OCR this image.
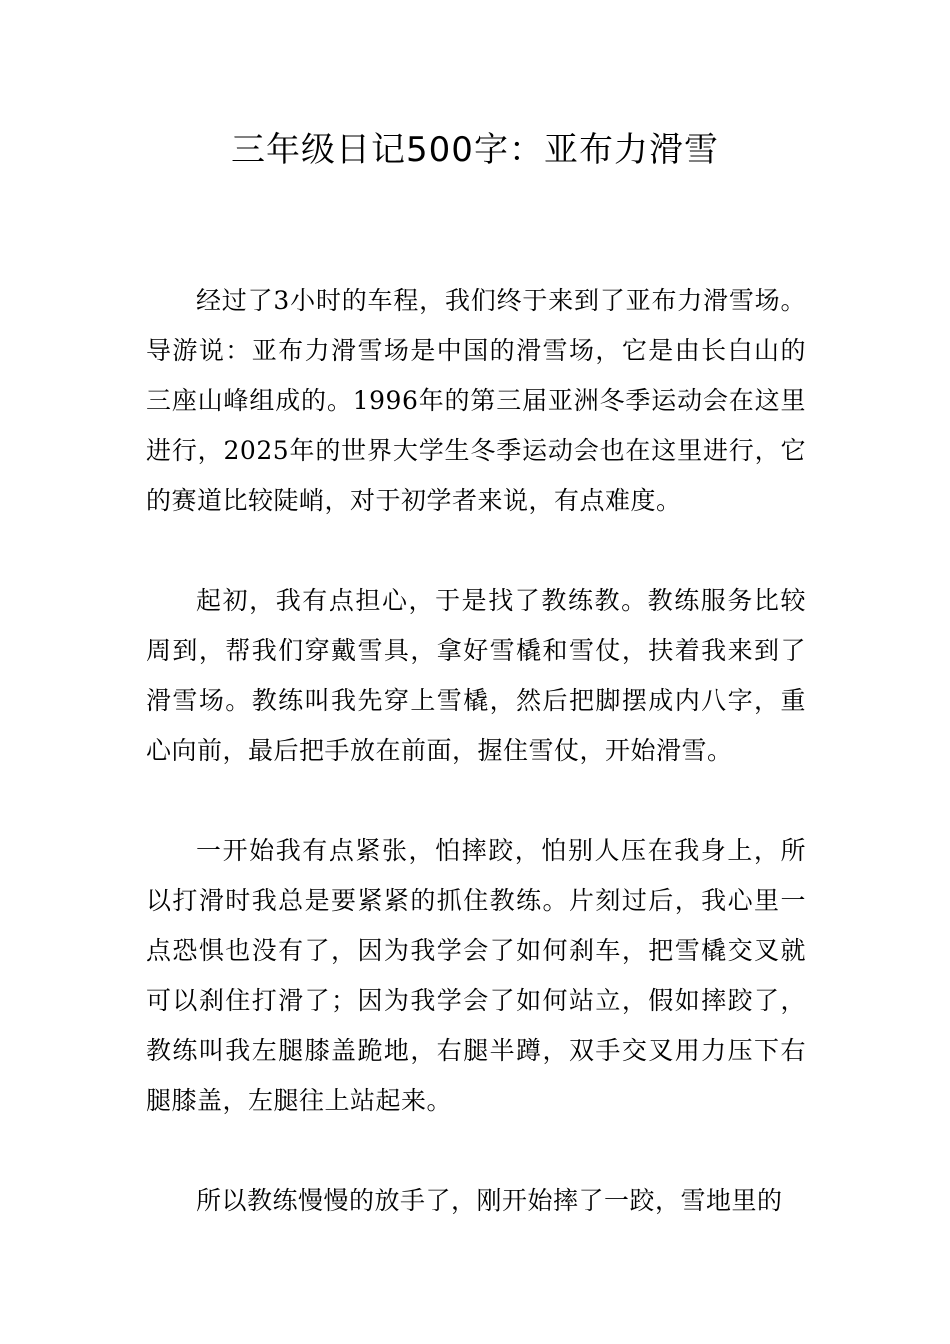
三年级日记500字：亚布力滑雪

经过了3小时的车程，我们终于来到了亚布力滑雪场。导游说：亚布力滑雪场是中国的滑雪场，它是由长白山的三座山峰组成的。1996年的第三届亚洲冬季运动会在这里进行，2025年的世界大学生冬季运动会也在这里进行，它的赛道比较陡峭，对于初学者来说，有点难度。

起初，我有点担心，于是找了教练教。教练服务比较周到，帮我们穿戴雪具，拿好雪橇和雪仗，扶着我来到了滑雪场。教练叫我先穿上雪橇，然后把脚摆成内八字，重心向前，最后把手放在前面，握住雪仗，开始滑雪。

一开始我有点紧张，怕摔跤，怕别人压在我身上，所以打滑时我总是要紧紧的抓住教练。片刻过后，我心里一点恐惧也没有了，因为我学会了如何刹车，把雪橇交叉就可以刹住打滑了；因为我学会了如何站立，假如摔跤了，教练叫我左腿膝盖跪地，右腿半蹲，双手交叉用力压下右腿膝盖，左腿往上站起来。

所以教练慢慢的放手了，刚开始摔了一跤，雪地里的
